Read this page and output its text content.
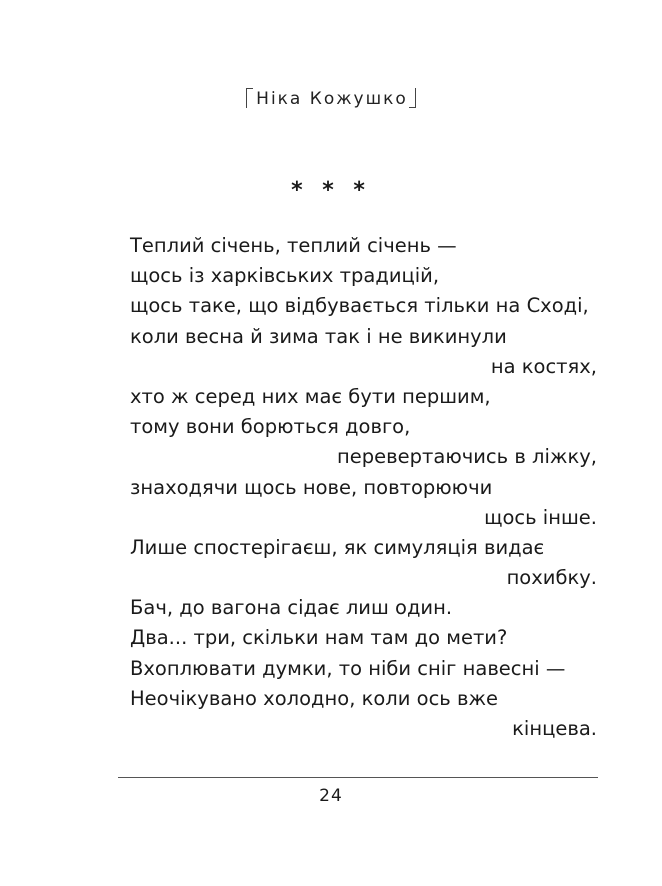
Ніка Кожушко
* * *
Теплий січень, теплий січень —
щось із харківських традицій,
щось таке, що відбувається тільки на Сході,
коли весна й зима так і не викинули
на костях,
хто ж серед них має бути першим,
тому вони борються довго,
перевертаючись в ліжку,
знаходячи щось нове, повторюючи
щось інше.
Лише спостерігаєш, як симуляція видає
похибку.
Бач, до вагона сідає лиш один.
Два... три, скільки нам там до мети?
Вхоплювати думки, то ніби сніг навесні —
Неочікувано холодно, коли ось вже
кінцева.
24
